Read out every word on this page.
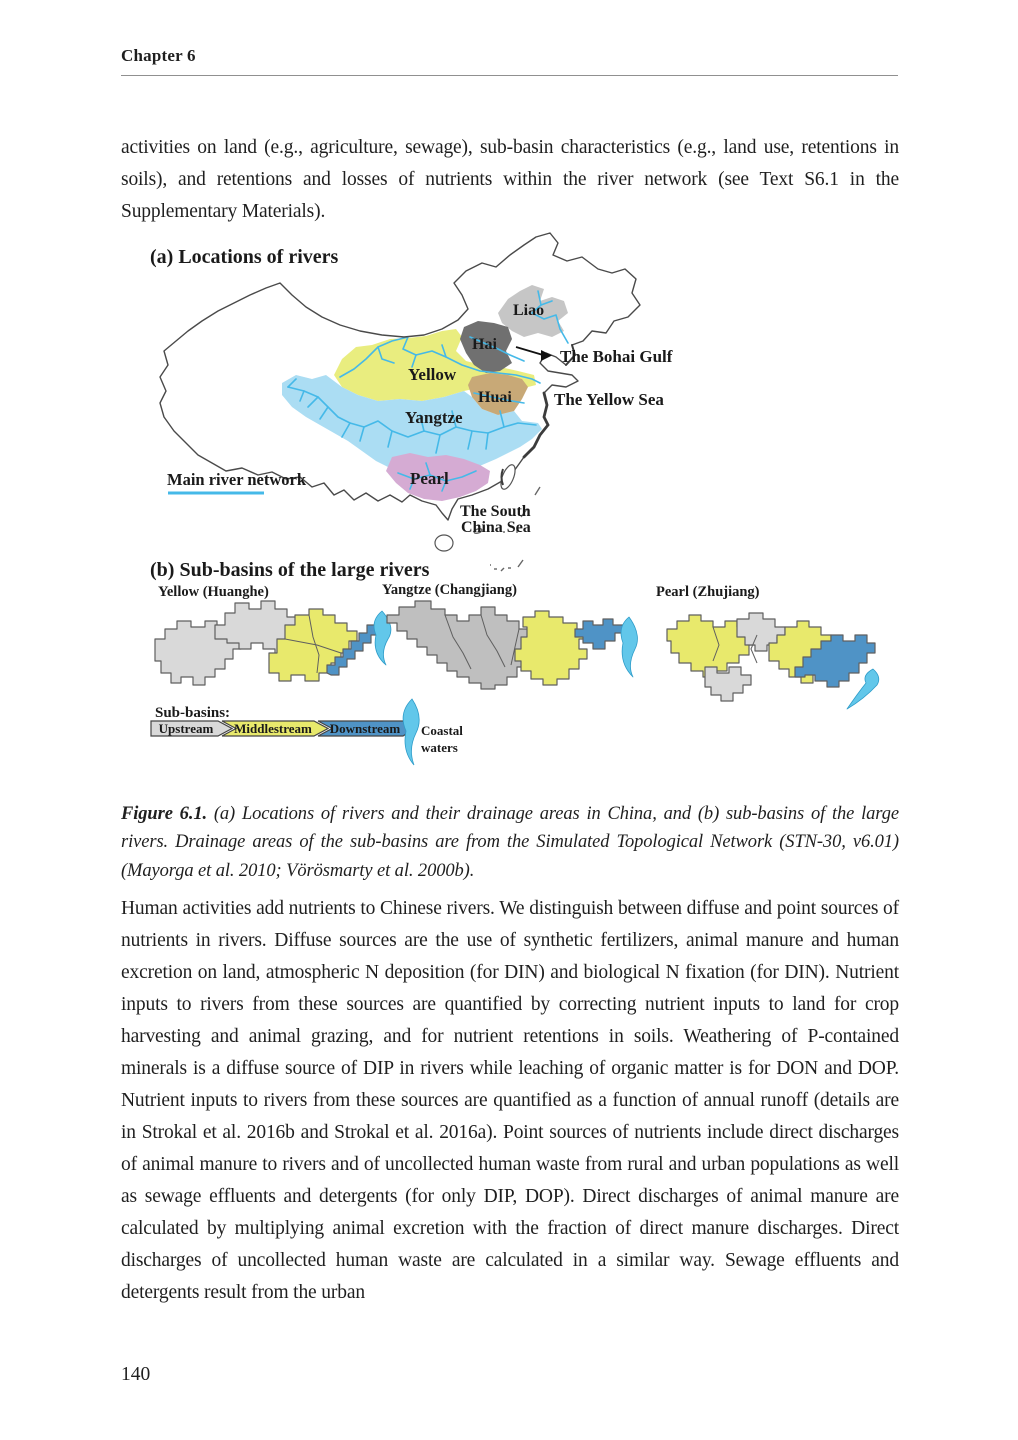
Chapter 6

activities on land (e.g., agriculture, sewage), sub-basin characteristics (e.g., land use, retentions in soils), and retentions and losses of nutrients within the river network (see Text S6.1 in the Supplementary Materials).

(a) Locations of rivers
Liao
Hai
Yellow
Huai
Yangtze
Pearl
The Bohai Gulf
The Yellow Sea
The South
China Sea
Main river network
(b) Sub-basins of the large rivers
Yellow (Huanghe)	Yangtze (Changjiang)	Pearl (Zhujiang)
Sub-basins:
Upstream Middlestream Downstream Coastal
waters

Figure 6.1. (a) Locations of rivers and their drainage areas in China, and (b) sub-basins of the large rivers. Drainage areas of the sub-basins are from the Simulated Topological Network (STN-30, v6.01) (Mayorga et al. 2010; Vörösmarty et al. 2000b).

Human activities add nutrients to Chinese rivers. We distinguish between diffuse and point sources of nutrients in rivers. Diffuse sources are the use of synthetic fertilizers, animal manure and human excretion on land, atmospheric N deposition (for DIN) and biological N fixation (for DIN). Nutrient inputs to rivers from these sources are quantified by correcting nutrient inputs to land for crop harvesting and animal grazing, and for nutrient retentions in soils. Weathering of P-contained minerals is a diffuse source of DIP in rivers while leaching of organic matter is for DON and DOP. Nutrient inputs to rivers from these sources are quantified as a function of annual runoff (details are in Strokal et al. 2016b and Strokal et al. 2016a). Point sources of nutrients include direct discharges of animal manure to rivers and of uncollected human waste from rural and urban populations as well as sewage effluents and detergents (for only DIP, DOP). Direct discharges of animal manure are calculated by multiplying animal excretion with the fraction of direct manure discharges. Direct discharges of uncollected human waste are calculated in a similar way. Sewage effluents and detergents result from the urban

140
